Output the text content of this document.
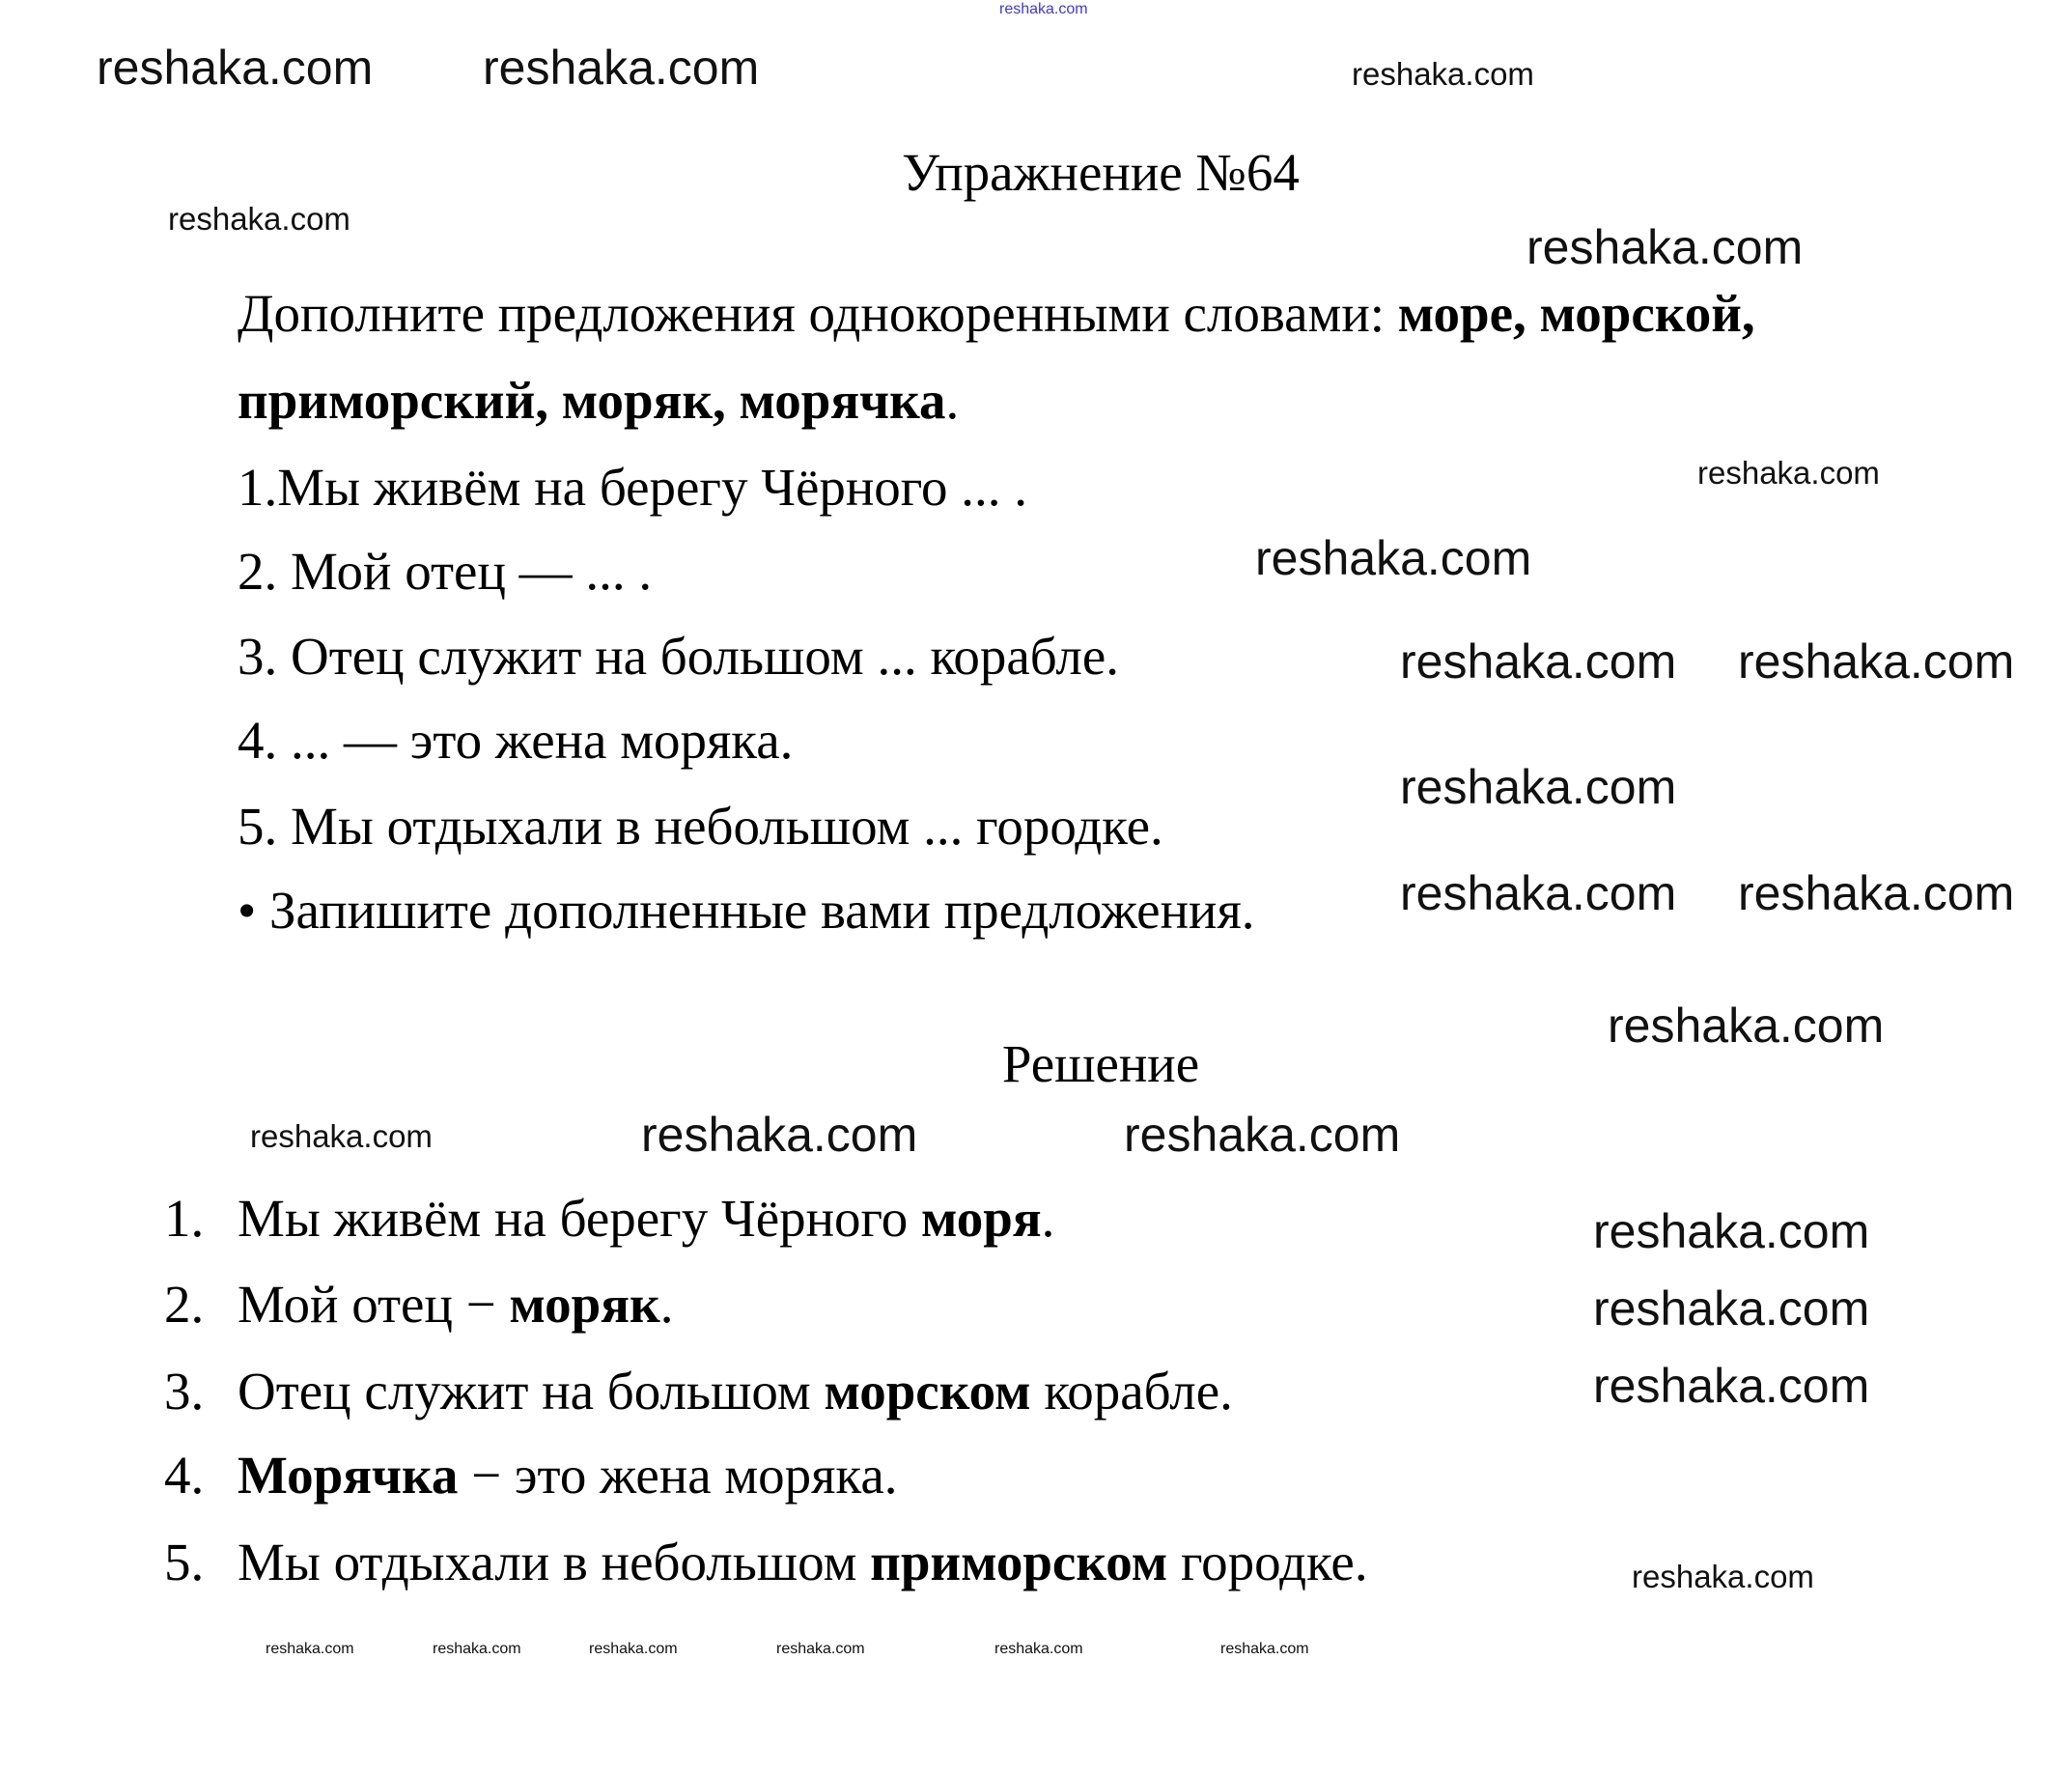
reshaka.com
Упражнение №64
Дополните предложения однокоренными словами: море, морской,
приморский, моряк, морячка.
1.Мы живём на берегу Чёрного ... .
2. Мой отец — ... .
3. Отец служит на большом ... корабле.
4. ... — это жена моряка.
5. Мы отдыхали в небольшом ... городке.
• Запишите дополненные вами предложения.
Решение
1. Мы живём на берегу Чёрного моря.
2. Мой отец − моряк.
3. Отец служит на большом морском корабле.
4. Морячка − это жена моряка.
5. Мы отдыхали в небольшом приморском городке.
reshaka.com reshaka.com
reshaka.com
reshaka.com
reshaka.com
reshaka.com
reshaka.com
reshaka.com reshaka.com
reshaka.com
reshaka.com reshaka.com
reshaka.com
reshaka.com	reshaka.com	reshaka.com
reshaka.com
reshaka.com
reshaka.com
reshaka.com
reshaka.com	reshaka.com	reshaka.com	reshaka.com	reshaka.com	reshaka.com
